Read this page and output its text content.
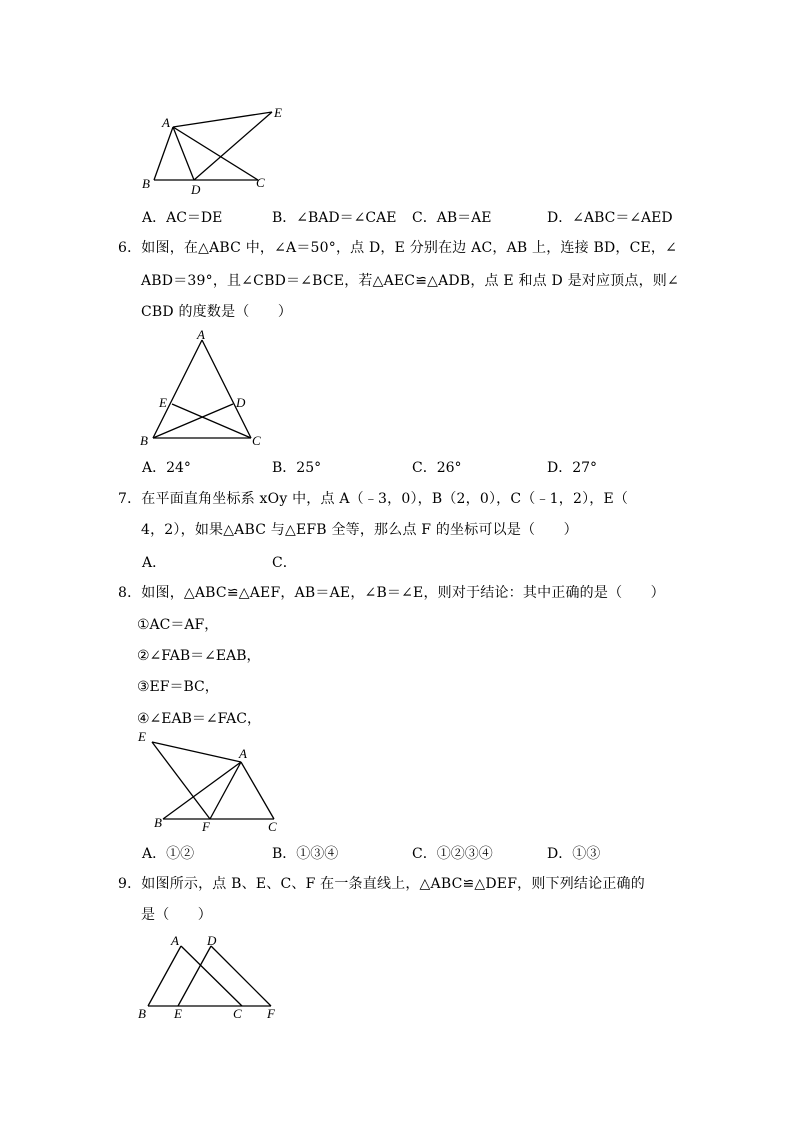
A
B	C
D
E
A．AC＝DE	B．∠BAD＝∠CAE C．AB＝AE	D．∠ABC＝∠AED
6．如图，在△ABC 中，∠A＝50°，点 D，E 分别在边 AC，AB 上，连接 BD，CE，∠
ABD＝39°，且∠CBD＝∠BCE，若△AEC≌△ADB，点 E 和点 D 是对应顶点，则∠
CBD 的度数是（　　）
A
B	C
D
E
A．24°	B．25°	C．26°	D．27°
7．在平面直角坐标系 xOy 中，点 A（﹣3，0），B（2，0），C（﹣1，2），E（
4，2），如果△ABC 与△EFB 全等，那么点 F 的坐标可以是（　　）
A．	C．
8．如图，△ABC≌△AEF，AB＝AE，∠B＝∠E，则对于结论：其中正确的是（　　）
①AC＝AF，
②∠FAB＝∠EAB，
③EF＝BC，
④∠EAB＝∠FAC，
E
A
B	F	C
A．①②	B．①③④	C．①②③④	D．①③
9．如图所示，点 B、E、C、F 在一条直线上，△ABC≌△DEF，则下列结论正确的
是（　　）
A D
B E	C F
